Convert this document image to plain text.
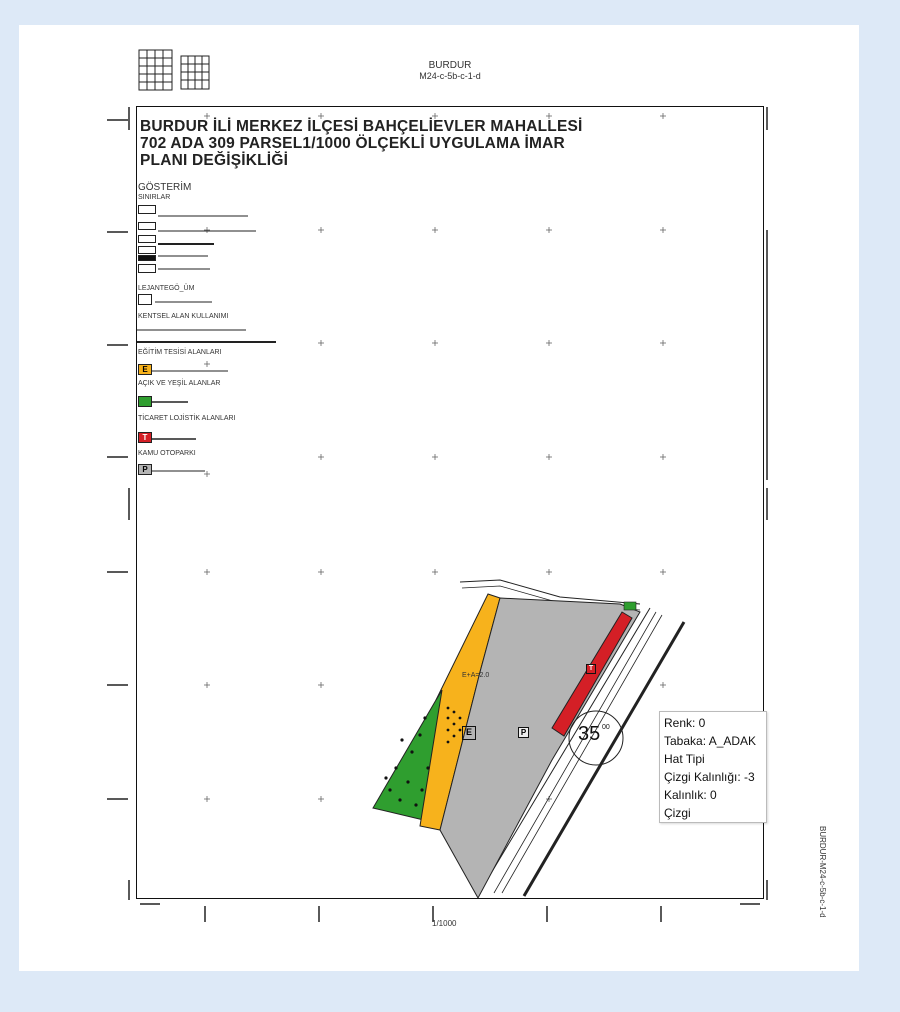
BURDUR
M24-c-5b-c-1-d
BURDUR İLİ MERKEZ İLÇESİ BAHÇELİEVLER MAHALLESİ
702 ADA 309 PARSEL1/1000 ÖLÇEKLİ UYGULAMA İMAR
PLANI DEĞİŞİKLİĞİ
GÖSTERİM
SINIRLAR
LEJANTEGÖ_ÜM
KENTSEL ALAN KULLANIMI
EĞİTİM TESİSİ ALANLARI
E
AÇIK VE YEŞİL ALANLAR
TİCARET LOJİSTİK ALANLARI
T
KAMU OTOPARKI
P
E+A=2.0
E	P
T
35 00	Renk: 0
Tabaka: A_ADAK
Hat Tipi
Çizgi Kalınlığı: -3
Kalınlık: 0
Çizgi
1/1000
BURDUR-M24-c-5b-c-1-d
